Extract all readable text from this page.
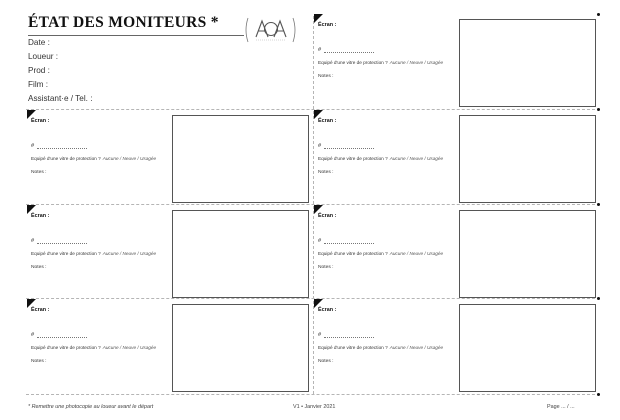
ÉTAT DES MONITEURS *
Date :
Loueur :
Prod :
Film :
Assistant·e / Tel. :
Écran :
#
Equipé d'une vitre de protection ? Aucune / Neuve / Usagée
Notes :
Écran :
#
Equipé d'une vitre de protection ? Aucune / Neuve / Usagée
Notes :
Écran :
#
Equipé d'une vitre de protection ? Aucune / Neuve / Usagée
Notes :
Écran :
#
Equipé d'une vitre de protection ? Aucune / Neuve / Usagée
Notes :
Écran :
#
Equipé d'une vitre de protection ? Aucune / Neuve / Usagée
Notes :
Écran :
#
Equipé d'une vitre de protection ? Aucune / Neuve / Usagée
Notes :
Écran :
#
Equipé d'une vitre de protection ? Aucune / Neuve / Usagée
Notes :
* Remettre une photocopie au loueur avant le départ	V1 • Janvier 2021	Page ... / ...
